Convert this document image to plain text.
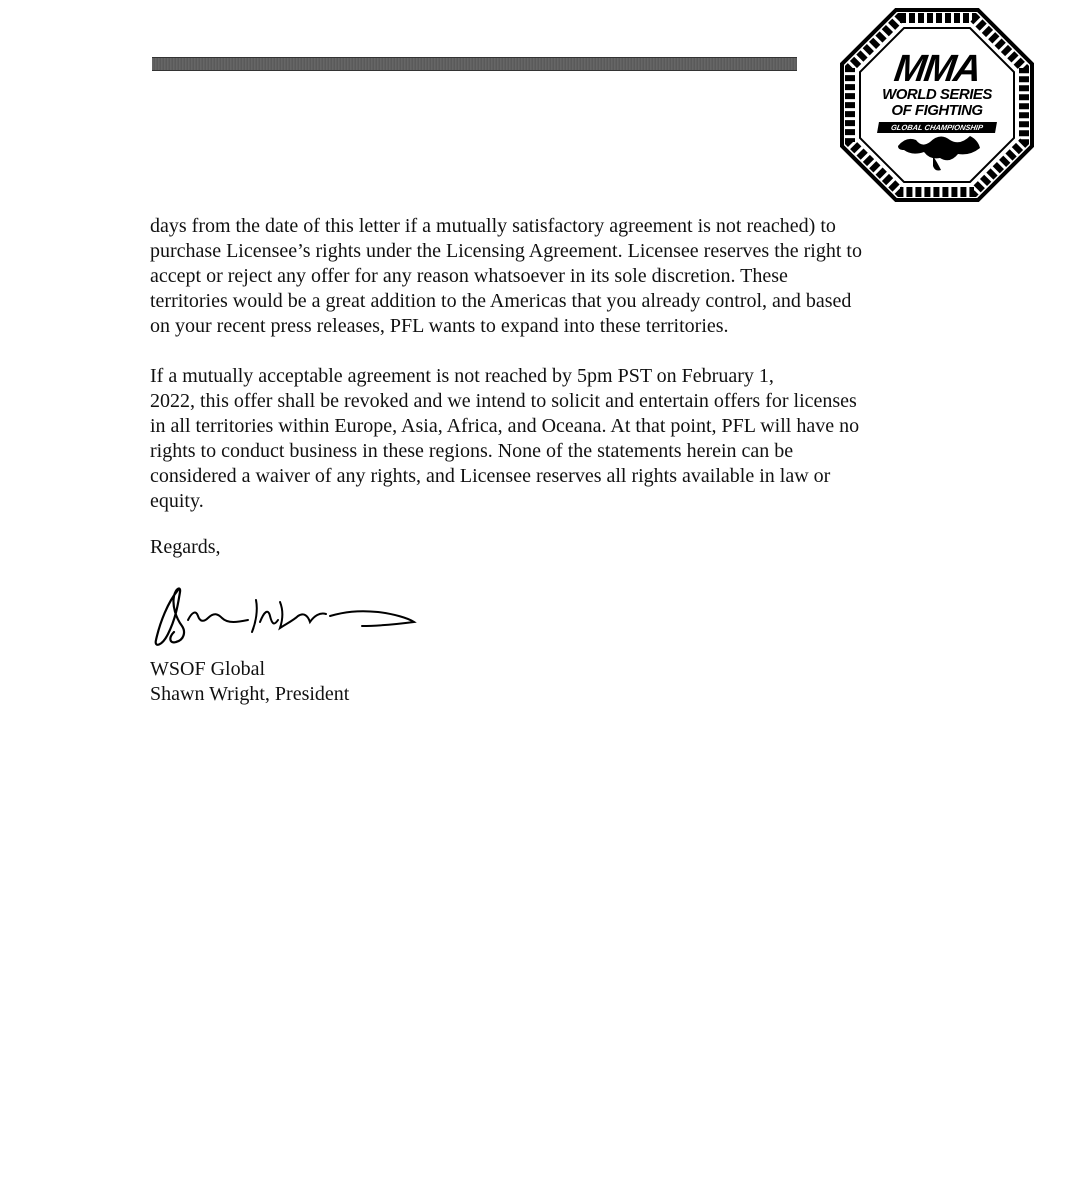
MMA
WORLD SERIES
OF FIGHTING
GLOBAL CHAMPIONSHIP

days from the date of this letter if a mutually satisfactory agreement is not reached) to
purchase Licensee’s rights under the Licensing Agreement. Licensee reserves the right to
accept or reject any offer for any reason whatsoever in its sole discretion. These
territories would be a great addition to the Americas that you already control, and based
on your recent press releases, PFL wants to expand into these territories.

If a mutually acceptable agreement is not reached by 5pm PST on February 1,
2022, this offer shall be revoked and we intend to solicit and entertain offers for licenses
in all territories within Europe, Asia, Africa, and Oceana. At that point, PFL will have no
rights to conduct business in these regions. None of the statements herein can be
considered a waiver of any rights, and Licensee reserves all rights available in law or
equity.

Regards,
WSOF Global
Shawn Wright, President
